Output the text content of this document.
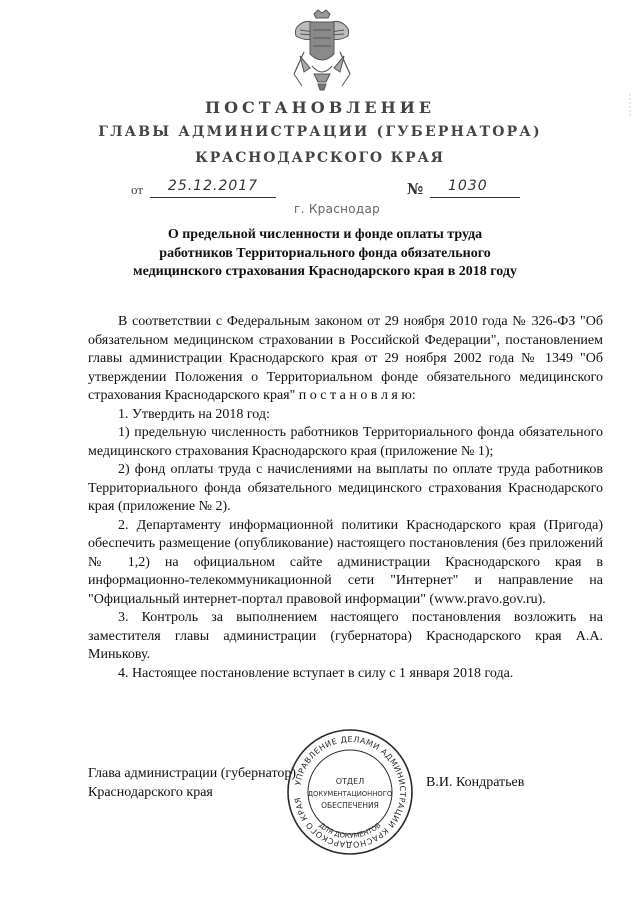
ПОСТАНОВЛЕНИЕ
ГЛАВЫ АДМИНИСТРАЦИИ (ГУБЕРНАТОРА)
КРАСНОДАРСКОГО КРАЯ
от	25.12.2017	№	1030
г. Краснодар
О предельной численности и фонде оплаты труда
работников Территориального фонда обязательного
медицинского страхования Краснодарского края в 2018 году

В соответствии с Федеральным законом от 29 ноября 2010 года № 326-ФЗ "Об обязательном медицинском страховании в Российской Федерации", постановлением главы администрации Краснодарского края от 29 ноября 2002 года № 1349 "Об утверждении Положения о Территориальном фонде обязательного медицинского страхования Краснодарского края" п о с т а н о в л я ю:

1. Утвердить на 2018 год:

1) предельную численность работников Территориального фонда обязательного медицинского страхования Краснодарского края (приложение № 1);

2) фонд оплаты труда с начислениями на выплаты по оплате труда работников Территориального фонда обязательного медицинского страхования Краснодарского края (приложение № 2).

2. Департаменту информационной политики Краснодарского края (Пригода) обеспечить размещение (опубликование) настоящего постановления (без приложений № 1,2) на официальном сайте администрации Краснодарского края в информационно-телекоммуникационной сети "Интернет" и направление на "Официальный интернет-портал правовой информации" (www.pravo.gov.ru).

3. Контроль за выполнением настоящего постановления возложить на заместителя главы администрации (губернатора) Краснодарского края А.А. Минькову.

4. Настоящее постановление вступает в силу с 1 января 2018 года.

Глава администрации (губернатор)
Краснодарского края
В.И. Кондратьев
УПРАВЛЕНИЕ ДЕЛАМИ АДМИНИСТРАЦИИ КРАСНОДАРСКОГО КРАЯ
ДЛЯ ДОКУМЕНТОВ
ОТДЕЛ
ДОКУМЕНТАЦИОННОГО
ОБЕСПЕЧЕНИЯ
